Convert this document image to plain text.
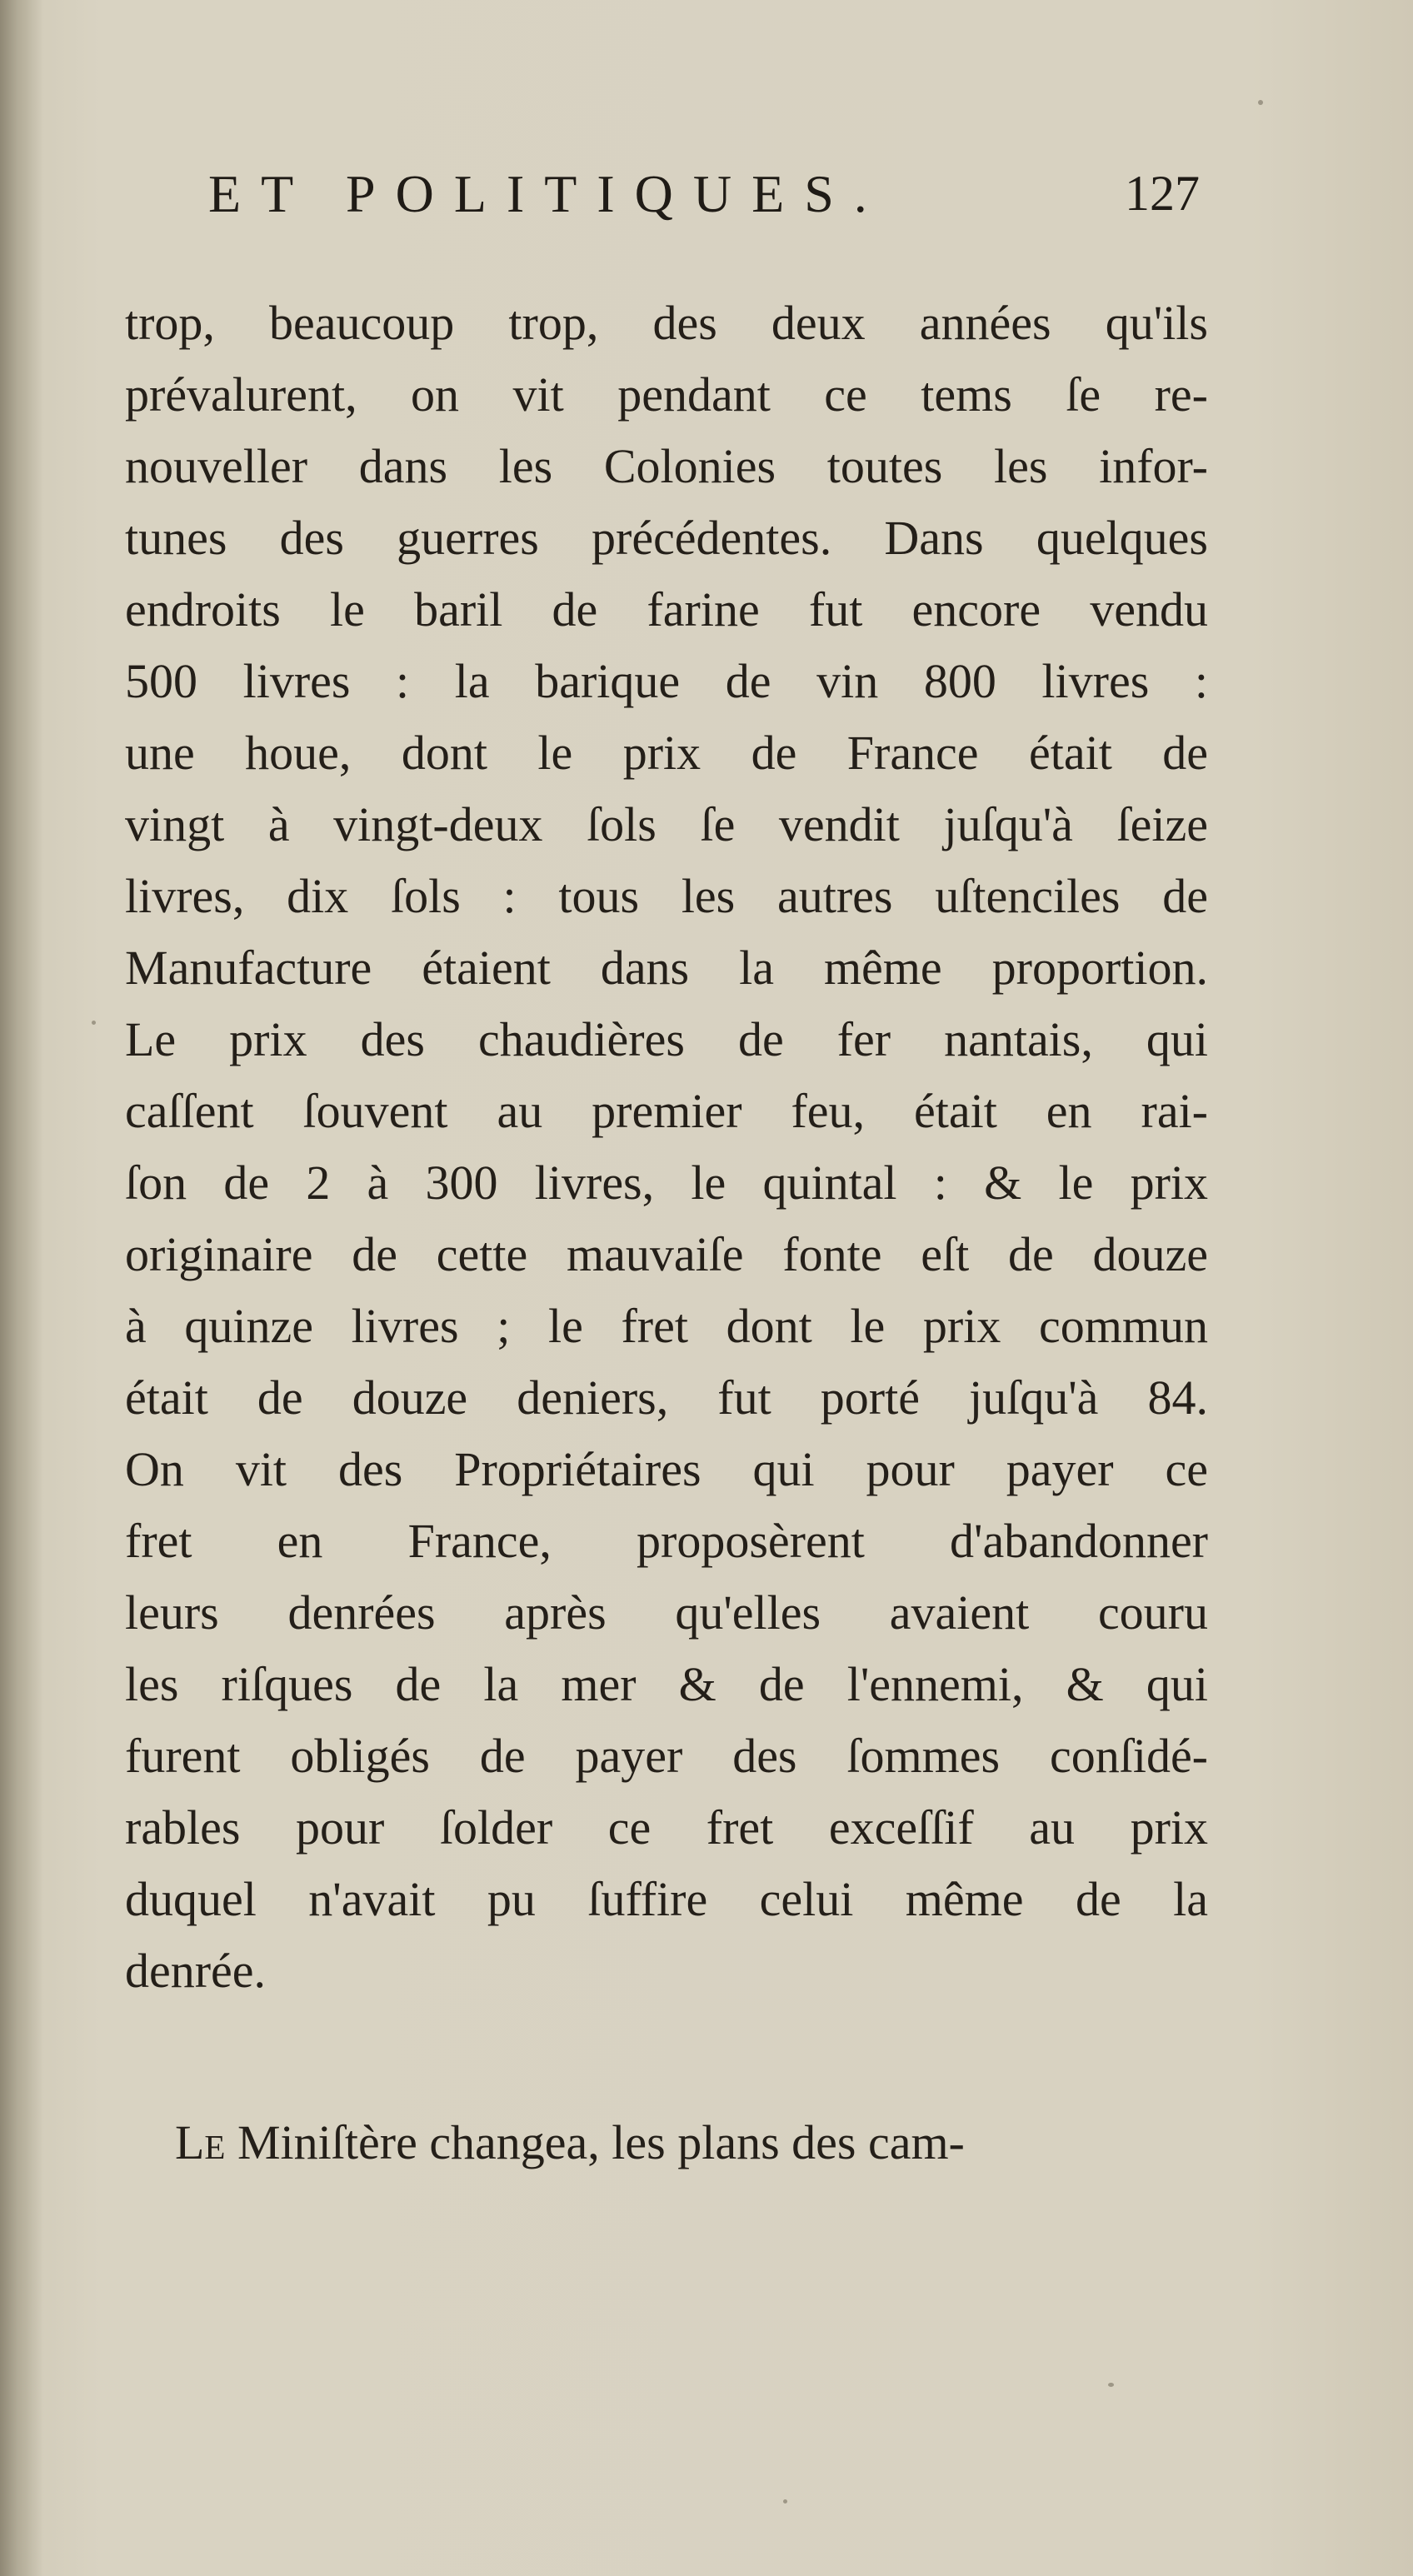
ET POLITIQUES.	127
trop, beaucoup trop, des deux années qu'ils
prévalurent, on vit pendant ce tems ſe re-
nouveller dans les Colonies toutes les infor-
tunes des guerres précédentes. Dans quelques
endroits le baril de farine fut encore vendu
500 livres : la barique de vin 800 livres :
une houe, dont le prix de France était de
vingt à vingt-deux ſols ſe vendit juſqu'à ſeize
livres, dix ſols : tous les autres uſtenciles de
Manufacture étaient dans la même proportion.
Le prix des chaudières de fer nantais, qui
caſſent ſouvent au premier feu, était en rai-
ſon de 2 à 300 livres, le quintal : & le prix
originaire de cette mauvaiſe fonte eſt de douze
à quinze livres ; le fret dont le prix commun
était de douze deniers, fut porté juſqu'à 84.
On vit des Propriétaires qui pour payer ce
fret en France, proposèrent d'abandonner
leurs denrées après qu'elles avaient couru
les riſques de la mer & de l'ennemi, & qui
furent obligés de payer des ſommes conſidé-
rables pour ſolder ce fret exceſſif au prix
duquel n'avait pu ſuffire celui même de la
denrée.
Le Miniſtère changea, les plans des cam-
